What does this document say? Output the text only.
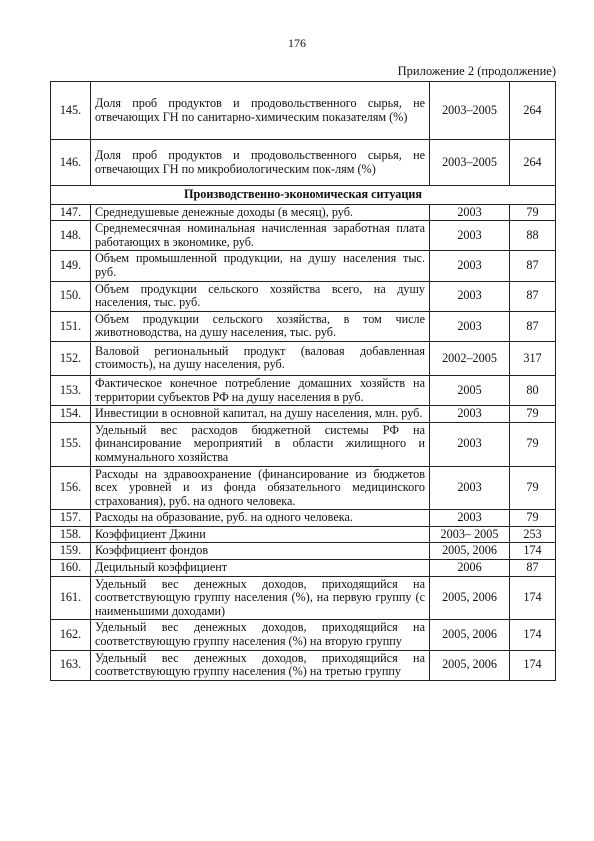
176
Приложение 2 (продолжение)
145.	Доля проб продуктов и продовольственного сырья, не отвечающих ГН по санитарно-химическим показателям (%)	2003–2005	264
146.	Доля проб продуктов и продовольственного сырья, не отвечающих ГН по микробиологическим пок-лям (%)	2003–2005	264
Производственно-экономическая ситуация			
147.	Среднедушевые денежные доходы (в месяц), руб.	2003	79
148.	Среднемесячная номинальная начисленная заработная плата работающих в экономике, руб.	2003	88
149.	Объем промышленной продукции, на душу населения тыс. руб.	2003	87
150.	Объем продукции сельского хозяйства всего, на душу населения, тыс. руб.	2003	87
151.	Объем продукции сельского хозяйства, в том числе животноводства, на душу населения, тыс. руб.	2003	87
152.	Валовой региональный продукт (валовая добавленная стоимость), на душу населения, руб.	2002–2005	317
153.	Фактическое конечное потребление домашних хозяйств на территории субъектов РФ на душу населения в руб.	2005	80
154.	Инвестиции в основной капитал, на душу населения, млн. руб.	2003	79
155.	Удельный вес расходов бюджетной системы РФ на финансирование мероприятий в области жилищного и коммунального хозяйства	2003	79
156.	Расходы на здравоохранение (финансирование из бюджетов всех уровней и из фонда обязательного медицинского страхования), руб. на одного человека.	2003	79
157.	Расходы на образование, руб. на одного человека.	2003	79
158.	Коэффициент Джини	2003– 2005	253
159.	Коэффициент фондов	2005, 2006	174
160.	Децильный коэффициент	2006	87
161.	Удельный вес денежных доходов, приходящийся на соответствующую группу населения (%), на первую группу (с наименьшими доходами)	2005, 2006	174
162.	Удельный вес денежных доходов, приходящийся на соответствующую группу населения (%) на вторую группу	2005, 2006	174
163.	Удельный вес денежных доходов, приходящийся на соответствующую группу населения (%) на третью группу	2005, 2006	174
